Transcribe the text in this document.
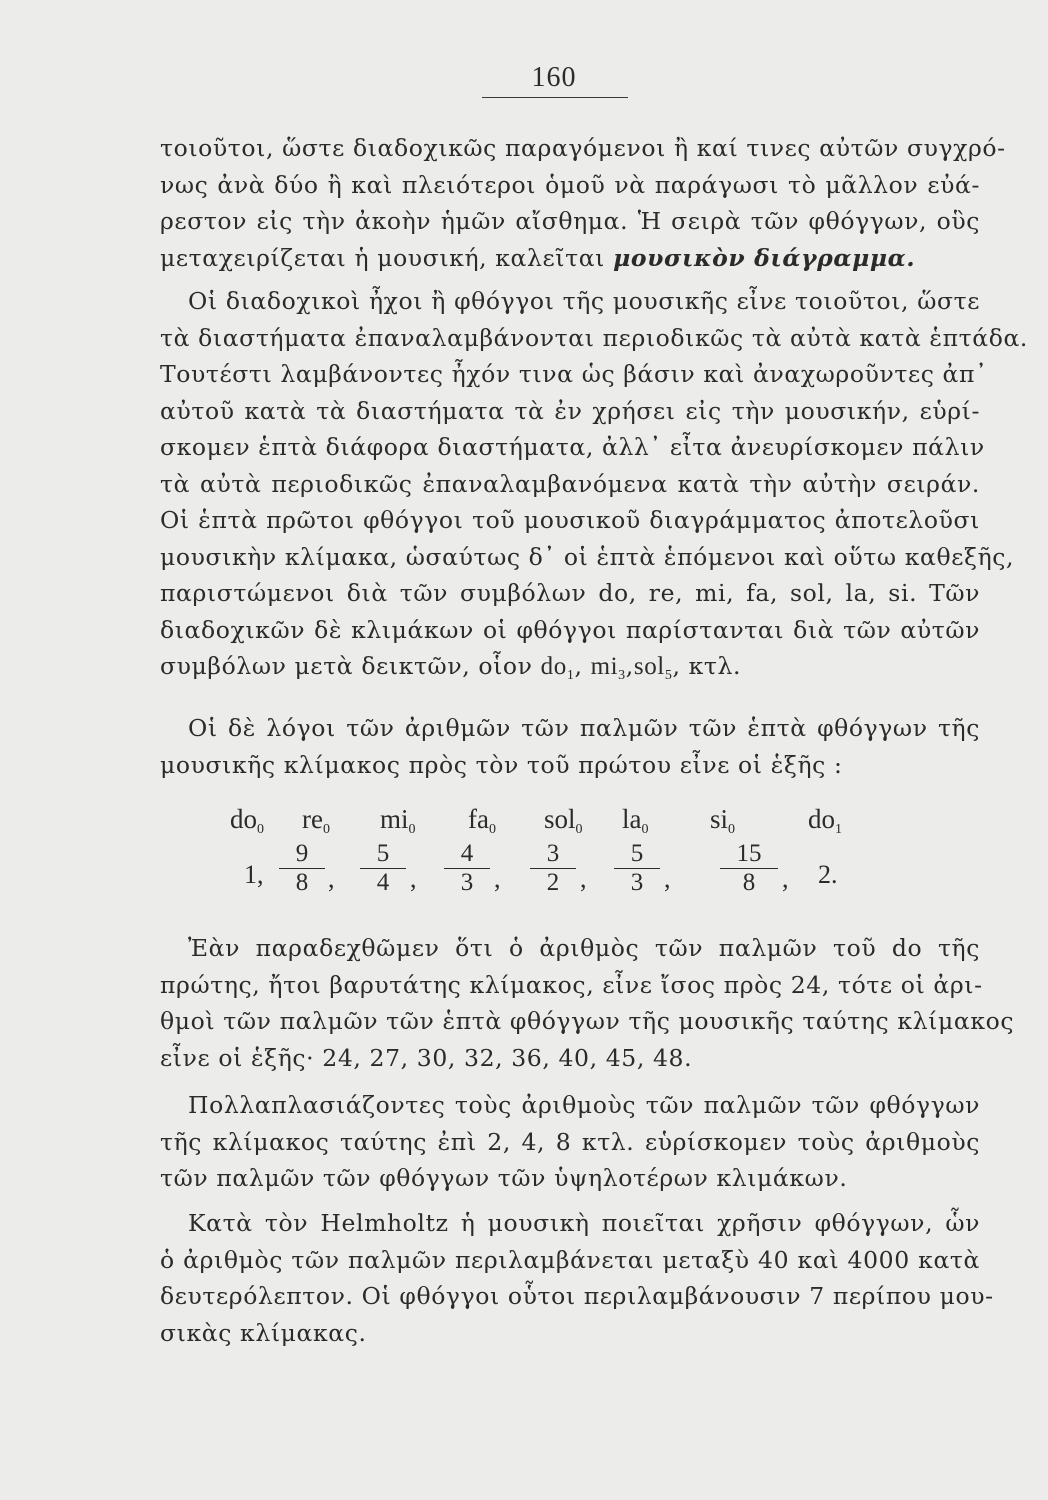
160
τοιοῦτοι, ὥστε διαδοχικῶς παραγόμενοι ἢ καί τινες αὐτῶν συγχρό-
νως ἀνὰ δύο ἢ καὶ πλειότεροι ὁμοῦ νὰ παράγωσι τὸ μᾶλλον εὐά-
ρεστον εἰς τὴν ἀκοὴν ἡμῶν αἴσθημα. Ἡ σειρὰ τῶν φθόγγων, οὓς
μεταχειρίζεται ἡ μουσική, καλεῖται μουσικὸν διάγραμμα.
Οἱ διαδοχικοὶ ἦχοι ἢ φθόγγοι τῆς μουσικῆς εἶνε τοιοῦτοι, ὥστε
τὰ διαστήματα ἐπαναλαμβάνονται περιοδικῶς τὰ αὐτὰ κατὰ ἑπτάδα.
Τουτέστι λαμβάνοντες ἦχόν τινα ὡς βάσιν καὶ ἀναχωροῦντες ἀπ᾽
αὐτοῦ κατὰ τὰ διαστήματα τὰ ἐν χρήσει εἰς τὴν μουσικήν, εὑρί-
σκομεν ἑπτὰ διάφορα διαστήματα, ἀλλ᾽ εἶτα ἀνευρίσκομεν πάλιν
τὰ αὐτὰ περιοδικῶς ἐπαναλαμβανόμενα κατὰ τὴν αὐτὴν σειράν.
Οἱ ἑπτὰ πρῶτοι φθόγγοι τοῦ μουσικοῦ διαγράμματος ἀποτελοῦσι
μουσικὴν κλίμακα, ὡσαύτως δ᾽ οἱ ἑπτὰ ἑπόμενοι καὶ οὕτω καθεξῆς,
παριστώμενοι διὰ τῶν συμβόλων do, re, mi, fa, sol, la, si. Τῶν
διαδοχικῶν δὲ κλιμάκων οἱ φθόγγοι παρίστανται διὰ τῶν αὐτῶν
συμβόλων μετὰ δεικτῶν, οἷον $do_1$, $mi_3,sol_5$, κτλ.
Οἱ δὲ λόγοι τῶν ἀριθμῶν τῶν παλμῶν τῶν ἑπτὰ φθόγγων τῆς
μουσικῆς κλίμακος πρὸς τὸν τοῦ πρώτου εἶνε οἱ ἑξῆς :
$do_0$ $re_0$ $mi_0$ $fa_0$ sol$_0$ $la_0$ $si_0$	$do_1$
1,
9
8 ,
5
4 ,
4
3 ,
3
2 ,
5
3 ,
15
8	, 2.
Ἐὰν παραδεχθῶμεν ὅτι ὁ ἀριθμὸς τῶν παλμῶν τοῦ do τῆς
πρώτης, ἤτοι βαρυτάτης κλίμακος, εἶνε ἴσος πρὸς 24, τότε οἱ ἀρι-
θμοὶ τῶν παλμῶν τῶν ἑπτὰ φθόγγων τῆς μουσικῆς ταύτης κλίμακος
εἶνε οἱ ἑξῆς· 24, 27, 30, 32, 36, 40, 45, 48.
Πολλαπλασιάζοντες τοὺς ἀριθμοὺς τῶν παλμῶν τῶν φθόγγων
τῆς κλίμακος ταύτης ἐπὶ 2, 4, 8 κτλ. εὑρίσκομεν τοὺς ἀριθμοὺς
τῶν παλμῶν τῶν φθόγγων τῶν ὑψηλοτέρων κλιμάκων.
Κατὰ τὸν Helmholtz ἡ μουσικὴ ποιεῖται χρῆσιν φθόγγων, ὧν
ὁ ἀριθμὸς τῶν παλμῶν περιλαμβάνεται μεταξὺ 40 καὶ 4000 κατὰ
δευτερόλεπτον. Οἱ φθόγγοι οὗτοι περιλαμβάνουσιν 7 περίπου μου-
σικὰς κλίμακας.
